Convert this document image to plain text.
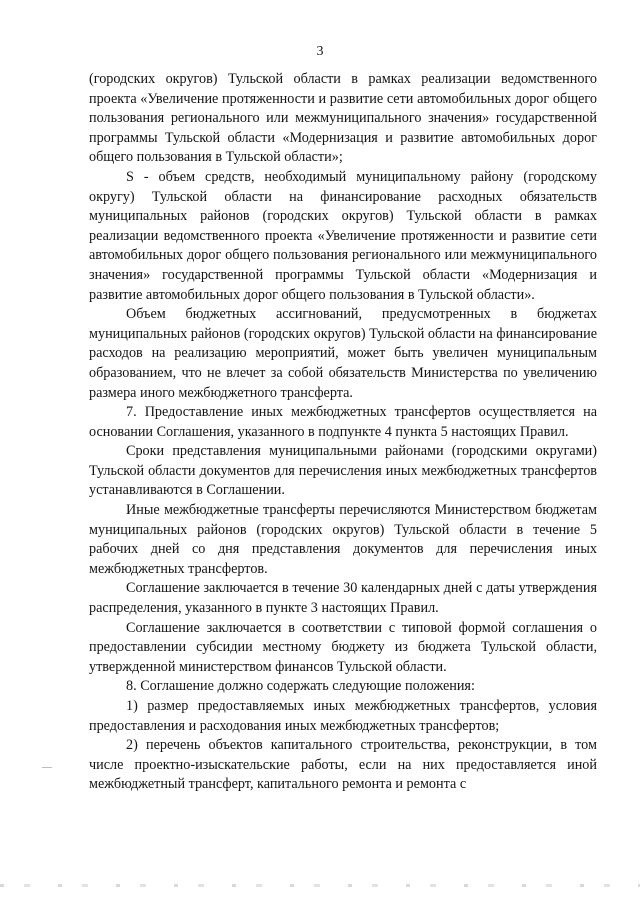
3

(городских округов) Тульской области в рамках реализации ведомственного проекта «Увеличение протяженности и развитие сети автомобильных дорог общего пользования регионального или межмуниципального значения» государственной программы Тульской области «Модернизация и развитие автомобильных дорог общего пользования в Тульской области»;

S - объем средств, необходимый муниципальному району (городскому округу) Тульской области на финансирование расходных обязательств муниципальных районов (городских округов) Тульской области в рамках реализации ведомственного проекта «Увеличение протяженности и развитие сети автомобильных дорог общего пользования регионального или межмуниципального значения» государственной программы Тульской области «Модернизация и развитие автомобильных дорог общего пользования в Тульской области».

Объем бюджетных ассигнований, предусмотренных в бюджетах муниципальных районов (городских округов) Тульской области на финансирование расходов на реализацию мероприятий, может быть увеличен муниципальным образованием, что не влечет за собой обязательств Министерства по увеличению размера иного межбюджетного трансферта.

7. Предоставление иных межбюджетных трансфертов осуществляется на основании Соглашения, указанного в подпункте 4 пункта 5 настоящих Правил.

Сроки представления муниципальными районами (городскими округами) Тульской области документов для перечисления иных межбюджетных трансфертов устанавливаются в Соглашении.

Иные межбюджетные трансферты перечисляются Министерством бюджетам муниципальных районов (городских округов) Тульской области в течение 5 рабочих дней со дня представления документов для перечисления иных межбюджетных трансфертов.

Соглашение заключается в течение 30 календарных дней с даты утверждения распределения, указанного в пункте 3 настоящих Правил.

Соглашение заключается в соответствии с типовой формой соглашения о предоставлении субсидии местному бюджету из бюджета Тульской области, утвержденной министерством финансов Тульской области.

8. Соглашение должно содержать следующие положения:

1) размер предоставляемых иных межбюджетных трансфертов, условия предоставления и расходования иных межбюджетных трансфертов;

2) перечень объектов капитального строительства, реконструкции, в том числе проектно-изыскательские работы, если на них предоставляется иной межбюджетный трансферт, капитального ремонта и ремонта с
